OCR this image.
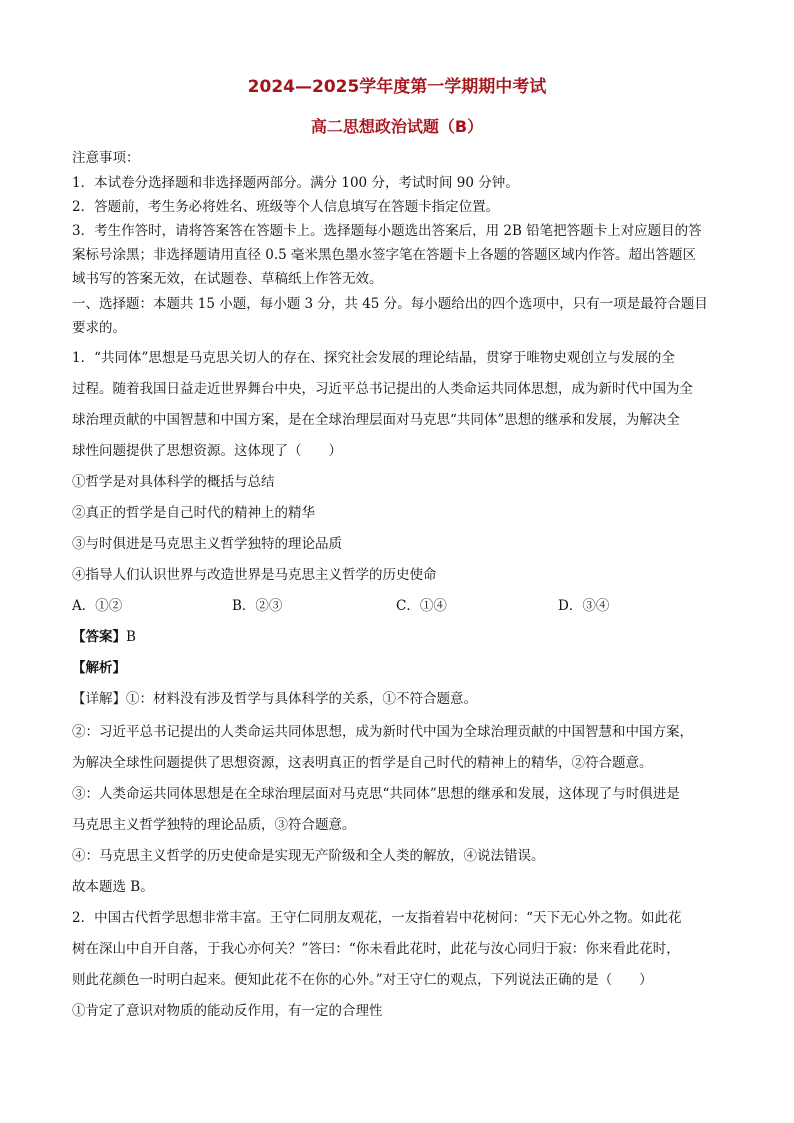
2024—2025学年度第一学期期中考试
高二思想政治试题（B）
注意事项：
1．本试卷分选择题和非选择题两部分。满分 100 分，考试时间 90 分钟。
2．答题前，考生务必将姓名、班级等个人信息填写在答题卡指定位置。
3．考生作答时，请将答案答在答题卡上。选择题每小题选出答案后，用 2B 铅笔把答题卡上对应题目的答
案标号涂黑；非选择题请用直径 0.5 毫米黑色墨水签字笔在答题卡上各题的答题区域内作答。超出答题区
域书写的答案无效，在试题卷、草稿纸上作答无效。
一、选择题：本题共 15 小题，每小题 3 分，共 45 分。每小题给出的四个选项中，只有一项是最符合题目
要求的。
1．“共同体”思想是马克思关切人的存在、探究社会发展的理论结晶，贯穿于唯物史观创立与发展的全
过程。随着我国日益走近世界舞台中央，习近平总书记提出的人类命运共同体思想，成为新时代中国为全
球治理贡献的中国智慧和中国方案，是在全球治理层面对马克思“共同体”思想的继承和发展，为解决全
球性问题提供了思想资源。这体现了（　　）
①哲学是对具体科学的概括与总结
②真正的哲学是自己时代的精神上的精华
③与时俱进是马克思主义哲学独特的理论品质
④指导人们认识世界与改造世界是马克思主义哲学的历史使命
A．①②	B．②③	C．①④	D．③④
【答案】B
【解析】
【详解】①：材料没有涉及哲学与具体科学的关系，①不符合题意。
②：习近平总书记提出的人类命运共同体思想，成为新时代中国为全球治理贡献的中国智慧和中国方案，
为解决全球性问题提供了思想资源，这表明真正的哲学是自己时代的精神上的精华，②符合题意。
③：人类命运共同体思想是在全球治理层面对马克思“共同体”思想的继承和发展，这体现了与时俱进是
马克思主义哲学独特的理论品质，③符合题意。
④：马克思主义哲学的历史使命是实现无产阶级和全人类的解放，④说法错误。
故本题选 B。
2．中国古代哲学思想非常丰富。王守仁同朋友观花，一友指着岩中花树问：“天下无心外之物。如此花
树在深山中自开自落，于我心亦何关？”答曰：“你未看此花时，此花与汝心同归于寂：你来看此花时，
则此花颜色一时明白起来。便知此花不在你的心外。”对王守仁的观点，下列说法正确的是（　　）
①肯定了意识对物质的能动反作用，有一定的合理性
